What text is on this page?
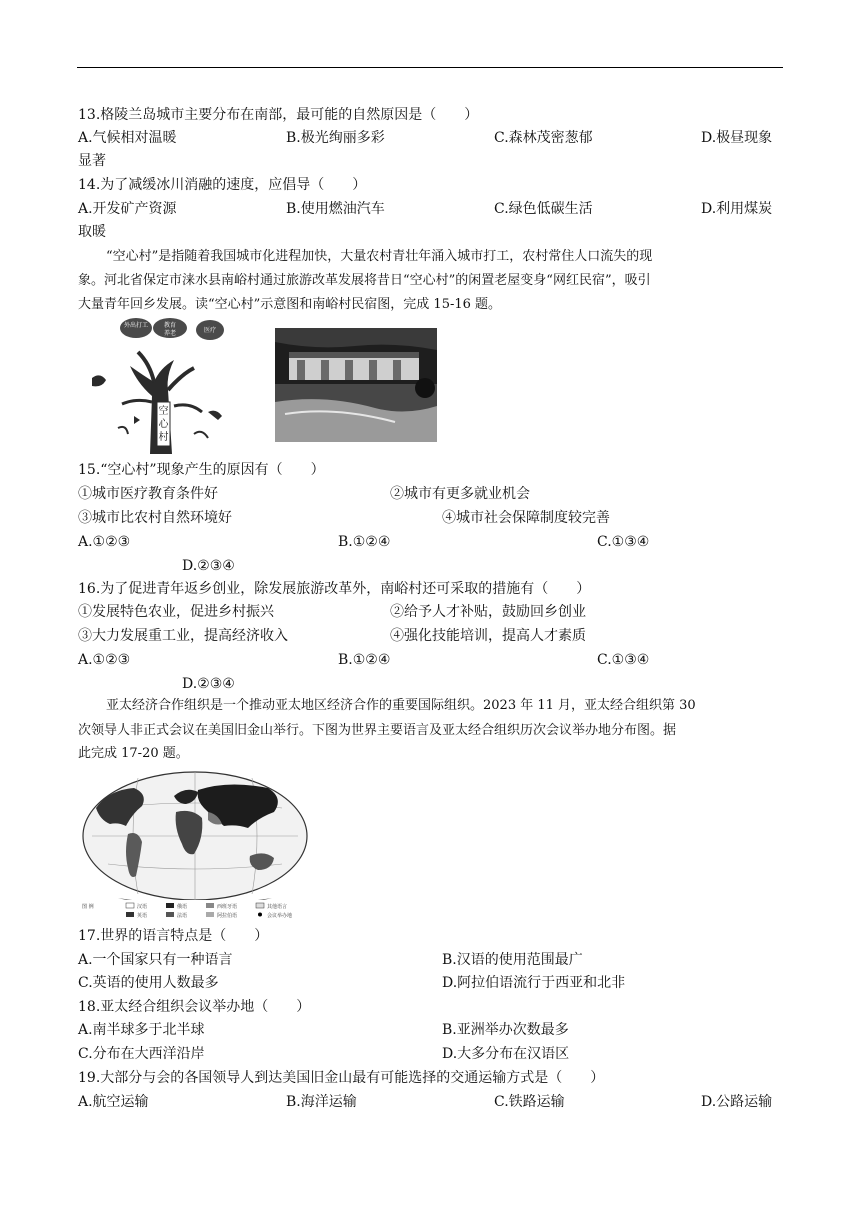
13.格陵兰岛城市主要分布在南部，最可能的自然原因是（　　）
A.气候相对温暖	B.极光绚丽多彩	C.森林茂密葱郁	D.极昼现象
显著
14.为了减缓冰川消融的速度，应倡导（　　）
A.开发矿产资源	B.使用燃油汽车	C.绿色低碳生活	D.利用煤炭
取暖
“空心村”是指随着我国城市化进程加快，大量农村青壮年涌入城市打工，农村常住人口流失的现
象。河北省保定市涞水县南峪村通过旅游改革发展将昔日“空心村”的闲置老屋变身“网红民宿”，吸引
大量青年回乡发展。读“空心村”示意图和南峪村民宿图，完成 15-16 题。
空
心
村
外出打工	教育
养老	医疗
15.“空心村”现象产生的原因有（　　）
①城市医疗教育条件好	②城市有更多就业机会
③城市比农村自然环境好	④城市社会保障制度较完善
A.①②③	B.①②④	C.①③④
D.②③④
16.为了促进青年返乡创业，除发展旅游改革外，南峪村还可采取的措施有（　　）
①发展特色农业，促进乡村振兴	②给予人才补贴，鼓励回乡创业
③大力发展重工业，提高经济收入	④强化技能培训，提高人才素质
A.①②③	B.①②④	C.①③④
D.②③④
亚太经济合作组织是一个推动亚太地区经济合作的重要国际组织。2023 年 11 月，亚太经合组织第 30
次领导人非正式会议在美国旧金山举行。下图为世界主要语言及亚太经合组织历次会议举办地分布图。据
此完成 17-20 题。
图 例	汉语	俄语	西班牙语	其他语言
英语	法语	阿拉伯语	会议举办地
17.世界的语言特点是（　　）
A.一个国家只有一种语言	B.汉语的使用范围最广
C.英语的使用人数最多	D.阿拉伯语流行于西亚和北非
18.亚太经合组织会议举办地（　　）
A.南半球多于北半球	B.亚洲举办次数最多
C.分布在大西洋沿岸	D.大多分布在汉语区
19.大部分与会的各国领导人到达美国旧金山最有可能选择的交通运输方式是（　　）
A.航空运输	B.海洋运输	C.铁路运输	D.公路运输
